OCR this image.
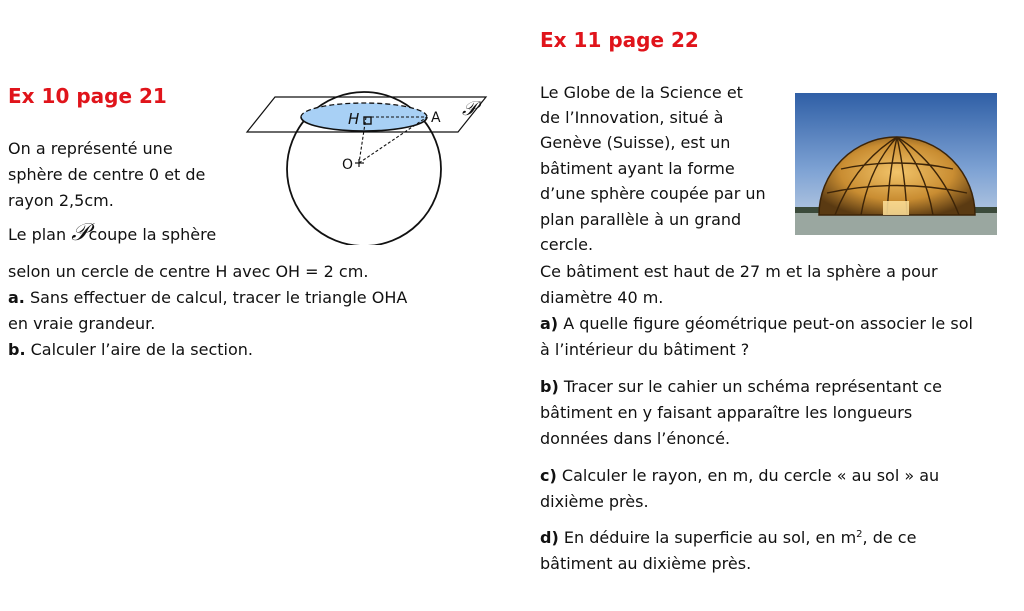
Ex 10 page 21

On a représenté une

sphère de centre 0 et de

rayon 2,5cm.

Le plan 𝒫coupe la sphère

selon un cercle de centre H avec OH = 2 cm.

a. Sans effectuer de calcul, tracer le triangle OHA

en vraie grandeur.

b. Calculer l’aire de la section.

H	A
O
𝒫
Ex 11 page 22

Le Globe de la Science et

de l’Innovation, situé à

Genève (Suisse), est un

bâtiment ayant la forme

d’une sphère coupée par un

plan parallèle à un grand

cercle.

Ce bâtiment est haut de 27 m et la sphère a pour

diamètre 40 m.

a) A quelle figure géométrique peut-on associer le sol

à l’intérieur du bâtiment ?

b) Tracer sur le cahier un schéma représentant ce

bâtiment en y faisant apparaître les longueurs

données dans l’énoncé.

c) Calculer le rayon, en m, du cercle « au sol » au

dixième près.

d) En déduire la superficie au sol, en $m^2$, de ce

bâtiment au dixième près.
